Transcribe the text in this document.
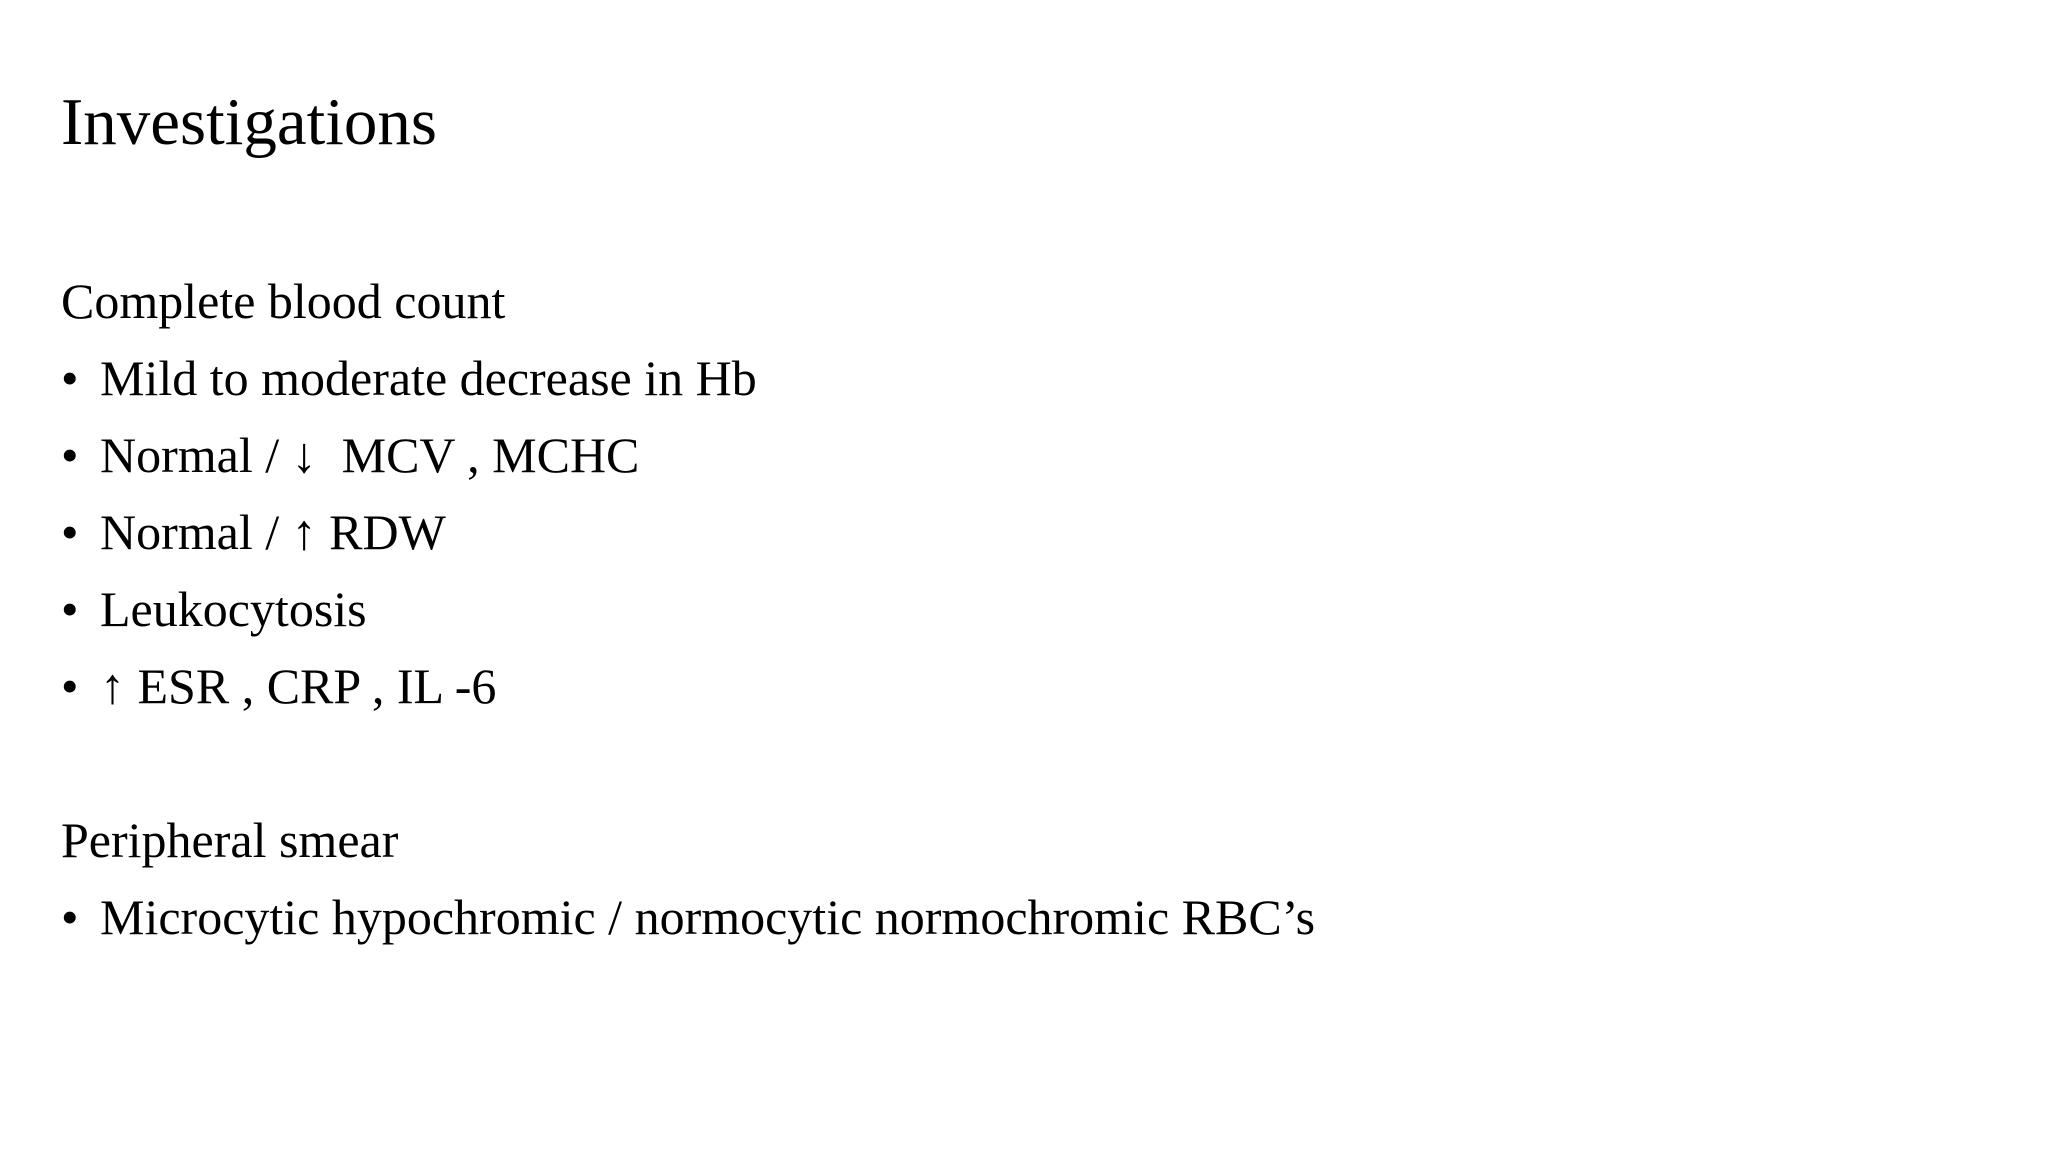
Investigations
Complete blood count
• Mild to moderate decrease in Hb
• Normal / ↓  MCV , MCHC
• Normal / ↑ RDW
• Leukocytosis
• ↑ ESR , CRP , IL -6
Peripheral smear
• Microcytic hypochromic / normocytic normochromic RBC’s
